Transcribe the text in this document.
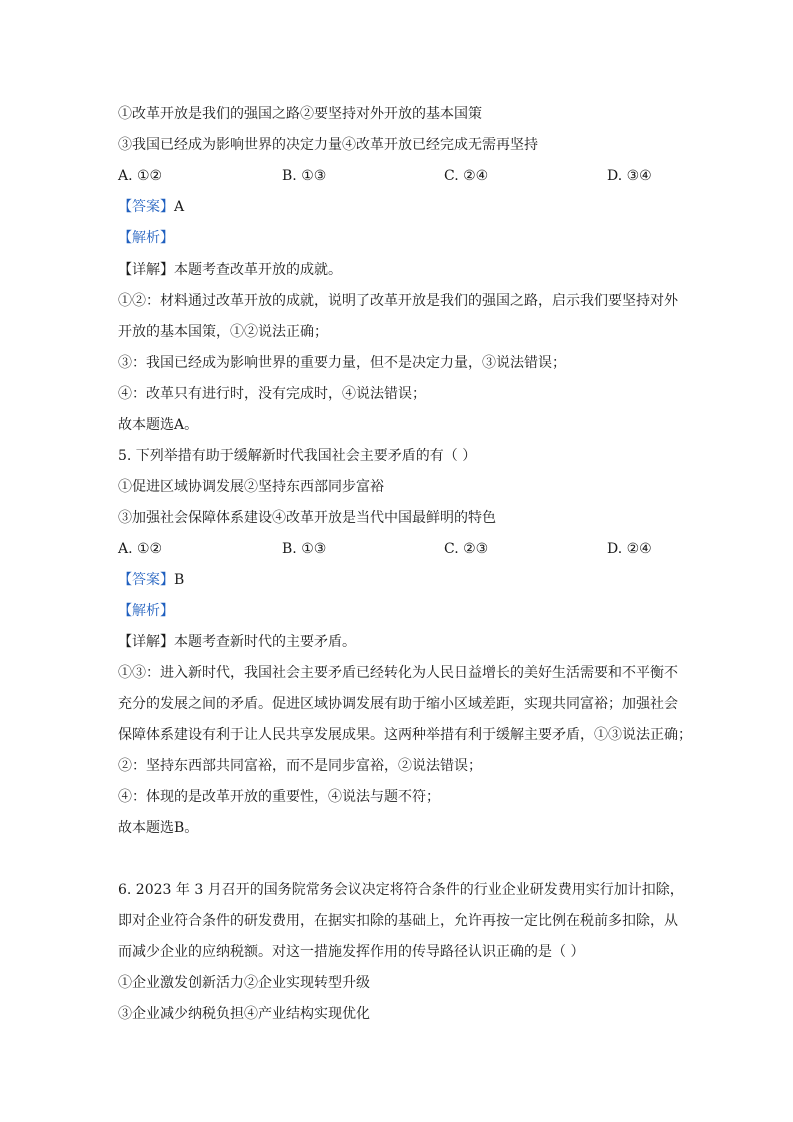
①改革开放是我们的强国之路②要坚持对外开放的基本国策
③我国已经成为影响世界的决定力量④改革开放已经完成无需再坚持
A. ①②	B. ①③	C. ②④	D. ③④
【答案】A
【解析】
【详解】本题考查改革开放的成就。
①②：材料通过改革开放的成就，说明了改革开放是我们的强国之路，启示我们要坚持对外
开放的基本国策，①②说法正确；
③：我国已经成为影响世界的重要力量，但不是决定力量，③说法错误；
④：改革只有进行时，没有完成时，④说法错误；
故本题选A。
5. 下列举措有助于缓解新时代我国社会主要矛盾的有（ ）
①促进区域协调发展②坚持东西部同步富裕
③加强社会保障体系建设④改革开放是当代中国最鲜明的特色
A. ①②	B. ①③	C. ②③	D. ②④
【答案】B
【解析】
【详解】本题考查新时代的主要矛盾。
①③：进入新时代，我国社会主要矛盾已经转化为人民日益增长的美好生活需要和不平衡不
充分的发展之间的矛盾。促进区域协调发展有助于缩小区域差距，实现共同富裕；加强社会
保障体系建设有利于让人民共享发展成果。这两种举措有利于缓解主要矛盾，①③说法正确；
②：坚持东西部共同富裕，而不是同步富裕，②说法错误；
④：体现的是改革开放的重要性，④说法与题不符；
故本题选B。
6. 2023 年 3 月召开的国务院常务会议决定将符合条件的行业企业研发费用实行加计扣除，
即对企业符合条件的研发费用，在据实扣除的基础上，允许再按一定比例在税前多扣除，从
而减少企业的应纳税额。对这一措施发挥作用的传导路径认识正确的是（ ）
①企业激发创新活力②企业实现转型升级
③企业减少纳税负担④产业结构实现优化
